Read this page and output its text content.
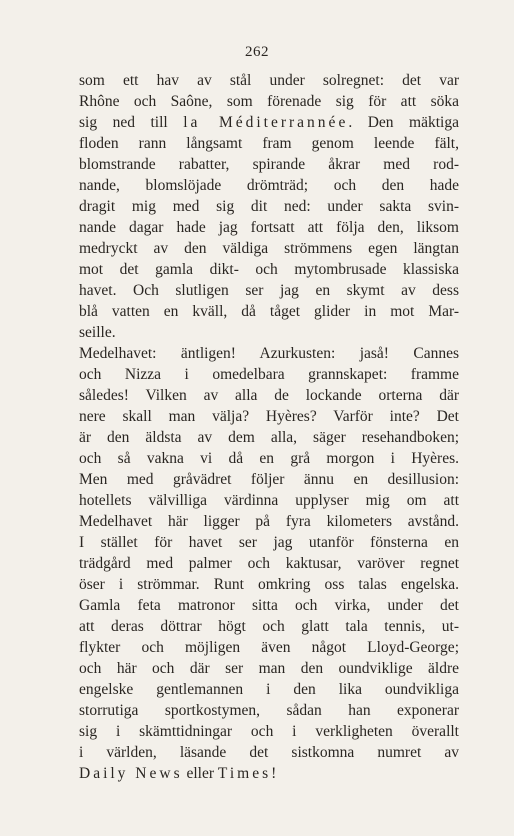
262
som ett hav av stål under solregnet: det var
Rhône och Saône, som förenade sig för att söka
sig ned till la Méditerrannée. Den mäktiga
floden rann långsamt fram genom leende fält,
blomstrande rabatter, spirande åkrar med rod-
nande, blomslöjade drömträd; och den hade
dragit mig med sig dit ned: under sakta svin-
nande dagar hade jag fortsatt att följa den, liksom
medryckt av den väldiga strömmens egen längtan
mot det gamla dikt- och mytombrusade klassiska
havet. Och slutligen ser jag en skymt av dess
blå vatten en kväll, då tåget glider in mot Mar-
seille.
Medelhavet: äntligen! Azurkusten: jaså! Cannes
och Nizza i omedelbara grannskapet: framme
således! Vilken av alla de lockande orterna där
nere skall man välja? Hyères? Varför inte? Det
är den äldsta av dem alla, säger resehandboken;
och så vakna vi då en grå morgon i Hyères.
Men med gråvädret följer ännu en desillusion:
hotellets välvilliga värdinna upplyser mig om att
Medelhavet här ligger på fyra kilometers avstånd.
I stället för havet ser jag utanför fönsterna en
trädgård med palmer och kaktusar, varöver regnet
öser i strömmar. Runt omkring oss talas engelska.
Gamla feta matronor sitta och virka, under det
att deras döttrar högt och glatt tala tennis, ut-
flykter och möjligen även något Lloyd-George;
och här och där ser man den oundviklige äldre
engelske gentlemannen i den lika oundvikliga
storrutiga sportkostymen, sådan han exponerar
sig i skämttidningar och i verkligheten överallt
i världen, läsande det sistkomna numret av
Daily News eller Times!
